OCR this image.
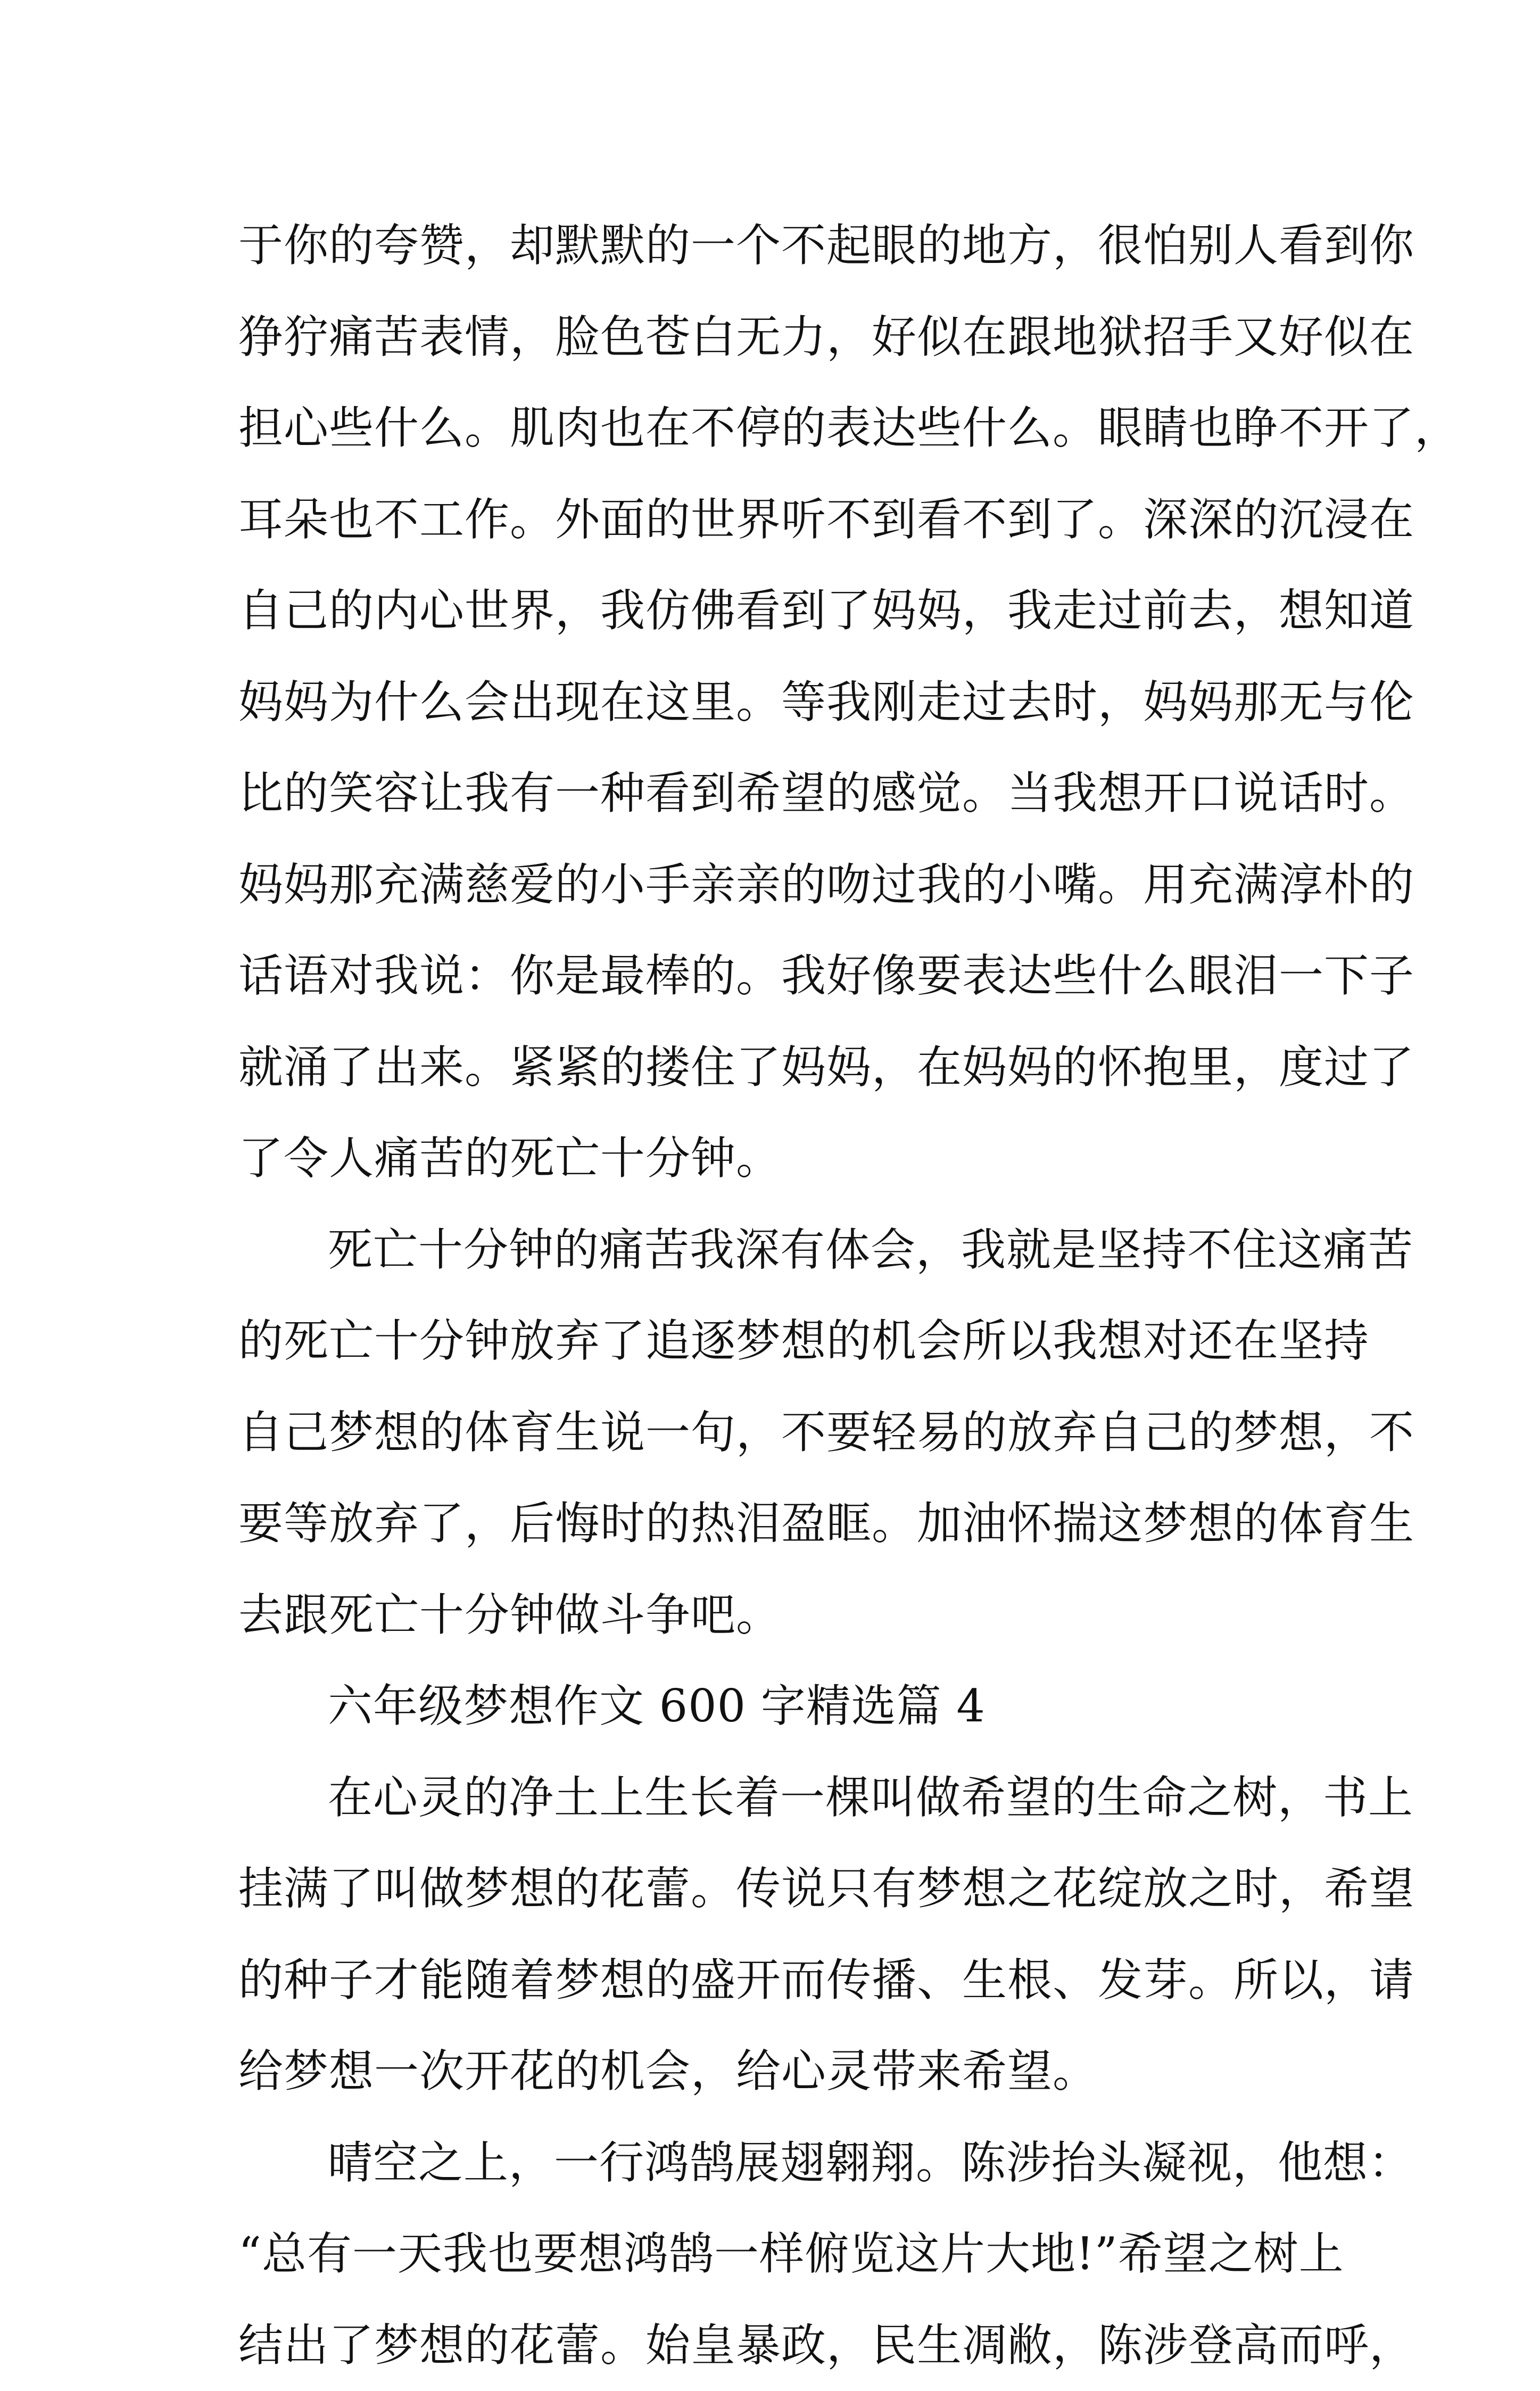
于你的夸赞，却默默的一个不起眼的地方，很怕别人看到你
狰狞痛苦表情，脸色苍白无力，好似在跟地狱招手又好似在
担心些什么。肌肉也在不停的表达些什么。眼睛也睁不开了，
耳朵也不工作。外面的世界听不到看不到了。深深的沉浸在
自己的内心世界，我仿佛看到了妈妈，我走过前去，想知道
妈妈为什么会出现在这里。等我刚走过去时，妈妈那无与伦
比的笑容让我有一种看到希望的感觉。当我想开口说话时。
妈妈那充满慈爱的小手亲亲的吻过我的小嘴。用充满淳朴的
话语对我说：你是最棒的。我好像要表达些什么眼泪一下子
就涌了出来。紧紧的搂住了妈妈，在妈妈的怀抱里，度过了
了令人痛苦的死亡十分钟。
死亡十分钟的痛苦我深有体会，我就是坚持不住这痛苦
的死亡十分钟放弃了追逐梦想的机会所以我想对还在坚持
自己梦想的体育生说一句，不要轻易的放弃自己的梦想，不
要等放弃了，后悔时的热泪盈眶。加油怀揣这梦想的体育生
去跟死亡十分钟做斗争吧。
六年级梦想作文 600 字精选篇 4
在心灵的净土上生长着一棵叫做希望的生命之树，书上
挂满了叫做梦想的花蕾。传说只有梦想之花绽放之时，希望
的种子才能随着梦想的盛开而传播、生根、发芽。所以，请
给梦想一次开花的机会，给心灵带来希望。
晴空之上，一行鸿鹄展翅翱翔。陈涉抬头凝视，他想：
“总有一天我也要想鸿鹄一样俯览这片大地!”希望之树上
结出了梦想的花蕾。始皇暴政，民生凋敝，陈涉登高而呼，
